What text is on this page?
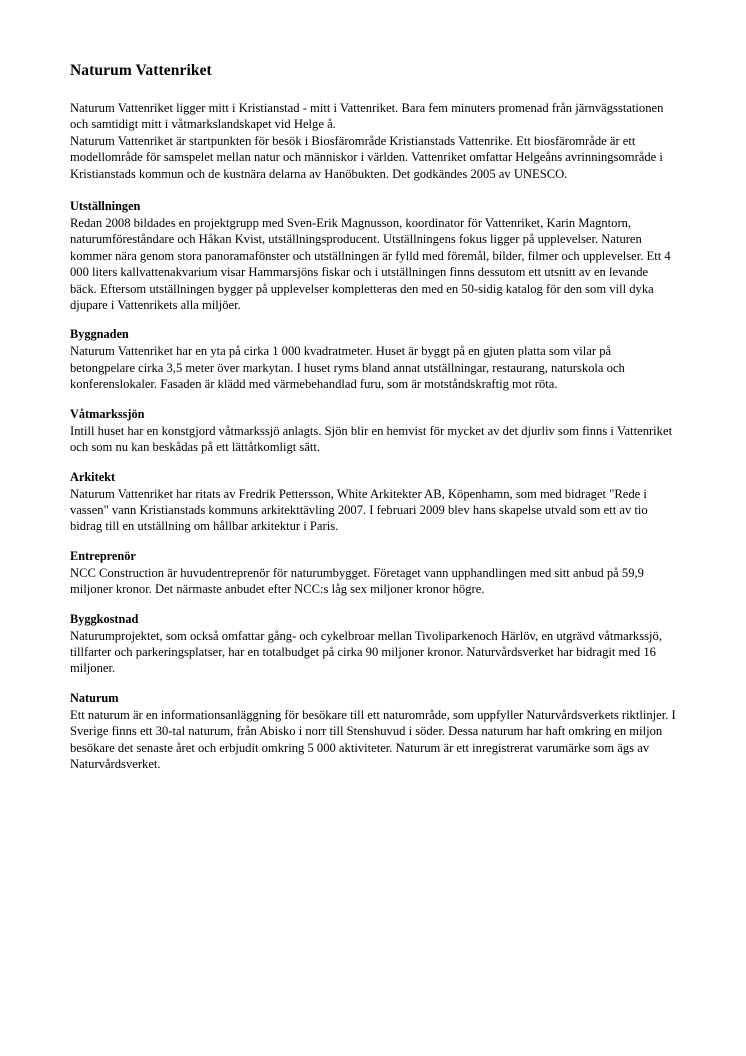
Naturum Vattenriket

Naturum Vattenriket ligger mitt i Kristianstad - mitt i Vattenriket. Bara fem minuters promenad från järnvägsstationen och samtidigt mitt i våtmarkslandskapet vid Helge å.

Naturum Vattenriket är startpunkten för besök i Biosfärområde Kristianstads Vattenrike. Ett biosfärområde är ett modellområde för samspelet mellan natur och människor i världen. Vattenriket omfattar Helgeåns avrinningsområde i Kristianstads kommun och de kustnära delarna av Hanöbukten. Det godkändes 2005 av UNESCO.

Utställningen

Redan 2008 bildades en projektgrupp med Sven-Erik Magnusson, koordinator för Vattenriket, Karin Magntorn, naturumföreståndare och Håkan Kvist, utställningsproducent. Utställningens fokus ligger på upplevelser. Naturen kommer nära genom stora panoramafönster och utställningen är fylld med föremål, bilder, filmer och upplevelser. Ett 4 000 liters kallvattenakvarium visar Hammarsjöns fiskar och i utställningen finns dessutom ett utsnitt av en levande bäck. Eftersom utställningen bygger på upplevelser kompletteras den med en 50-sidig katalog för den som vill dyka djupare i Vattenrikets alla miljöer.

Byggnaden

Naturum Vattenriket har en yta på cirka 1 000 kvadratmeter. Huset är byggt på en gjuten platta som vilar på betongpelare cirka 3,5 meter över markytan. I huset ryms bland annat utställningar, restaurang, naturskola och konferenslokaler. Fasaden är klädd med värmebehandlad furu, som är motståndskraftig mot röta.

Våtmarkssjön

Intill huset har en konstgjord våtmarkssjö anlagts. Sjön blir en hemvist för mycket av det djurliv som finns i Vattenriket och som nu kan beskådas på ett lättåtkomligt sätt.

Arkitekt

Naturum Vattenriket har ritats av Fredrik Pettersson, White Arkitekter AB, Köpenhamn, som med bidraget "Rede i vassen" vann Kristianstads kommuns arkitekttävling 2007. I februari 2009 blev hans skapelse utvald som ett av tio bidrag till en utställning om hållbar arkitektur i Paris.

Entreprenör

NCC Construction är huvudentreprenör för naturumbygget. Företaget vann upphandlingen med sitt anbud på 59,9 miljoner kronor. Det närmaste anbudet efter NCC:s låg sex miljoner kronor högre.

Byggkostnad

Naturumprojektet, som också omfattar gång- och cykelbroar mellan Tivoliparkenoch Härlöv, en utgrävd våtmarkssjö, tillfarter och parkeringsplatser, har en totalbudget på cirka 90 miljoner kronor. Naturvårdsverket har bidragit med 16 miljoner.

Naturum

Ett naturum är en informationsanläggning för besökare till ett naturområde, som uppfyller Naturvårdsverkets riktlinjer. I Sverige finns ett 30-tal naturum, från Abisko i norr till Stenshuvud i söder. Dessa naturum har haft omkring en miljon besökare det senaste året och erbjudit omkring 5 000 aktiviteter. Naturum är ett inregistrerat varumärke som ägs av Naturvårdsverket.
